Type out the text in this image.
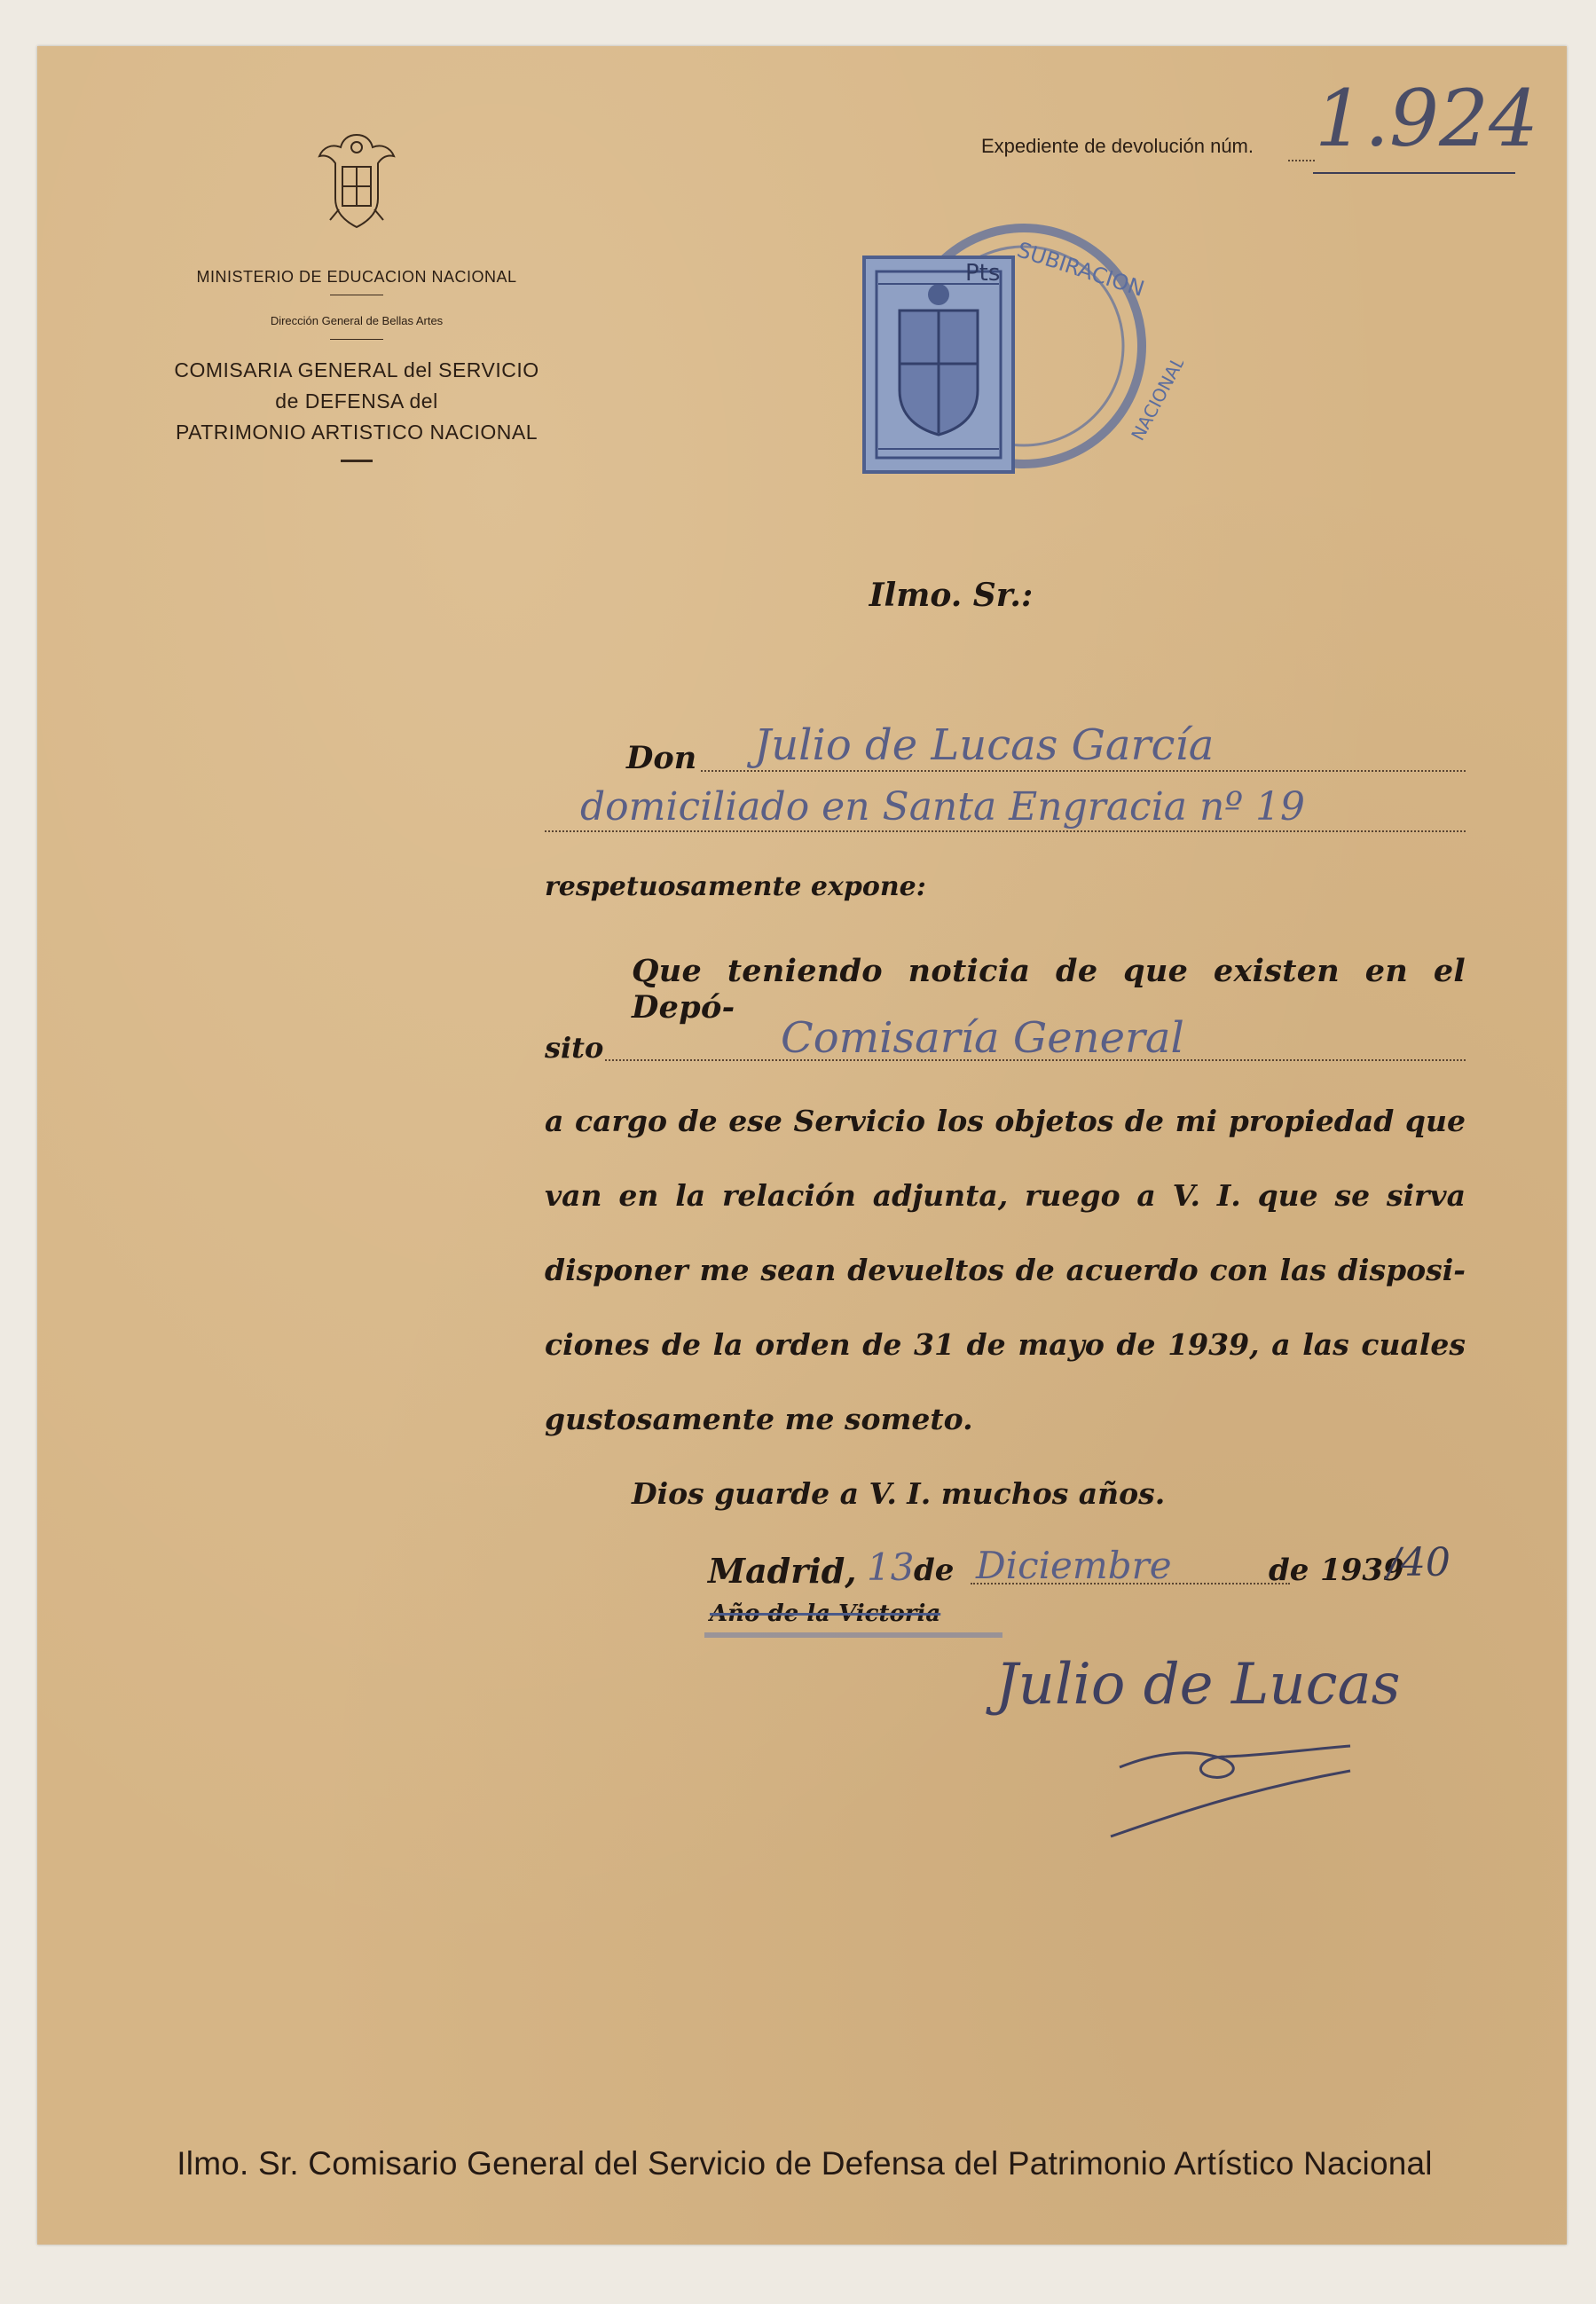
MINISTERIO DE EDUCACION NACIONAL
Dirección General de Bellas Artes
COMISARIA GENERAL del SERVICIO
de DEFENSA del
PATRIMONIO ARTISTICO NACIONAL
Expediente de devolución núm. 1.924
Pts SUBIRACION
NACIONAL
Ilmo. Sr.:
Don Julio de Lucas García
domiciliado en Santa Engracia nº 19
respetuosamente expone:
Que teniendo noticia de que existen en el Depó-
sito	Comisaría General
a cargo de ese Servicio los objetos de mi propiedad que
van en la relación adjunta, ruego a V. I. que se sirva
disponer me sean devueltos de acuerdo con las disposi-
ciones de la orden de 31 de mayo de 1939, a las cuales
gustosamente me someto.
Dios guarde a V. I. muchos años.
Madrid, 13 de Diciembre	de 1939
/40
Año de la Victoria
Julio de Lucas
Ilmo. Sr. Comisario General del Servicio de Defensa del Patrimonio Artístico Nacional
